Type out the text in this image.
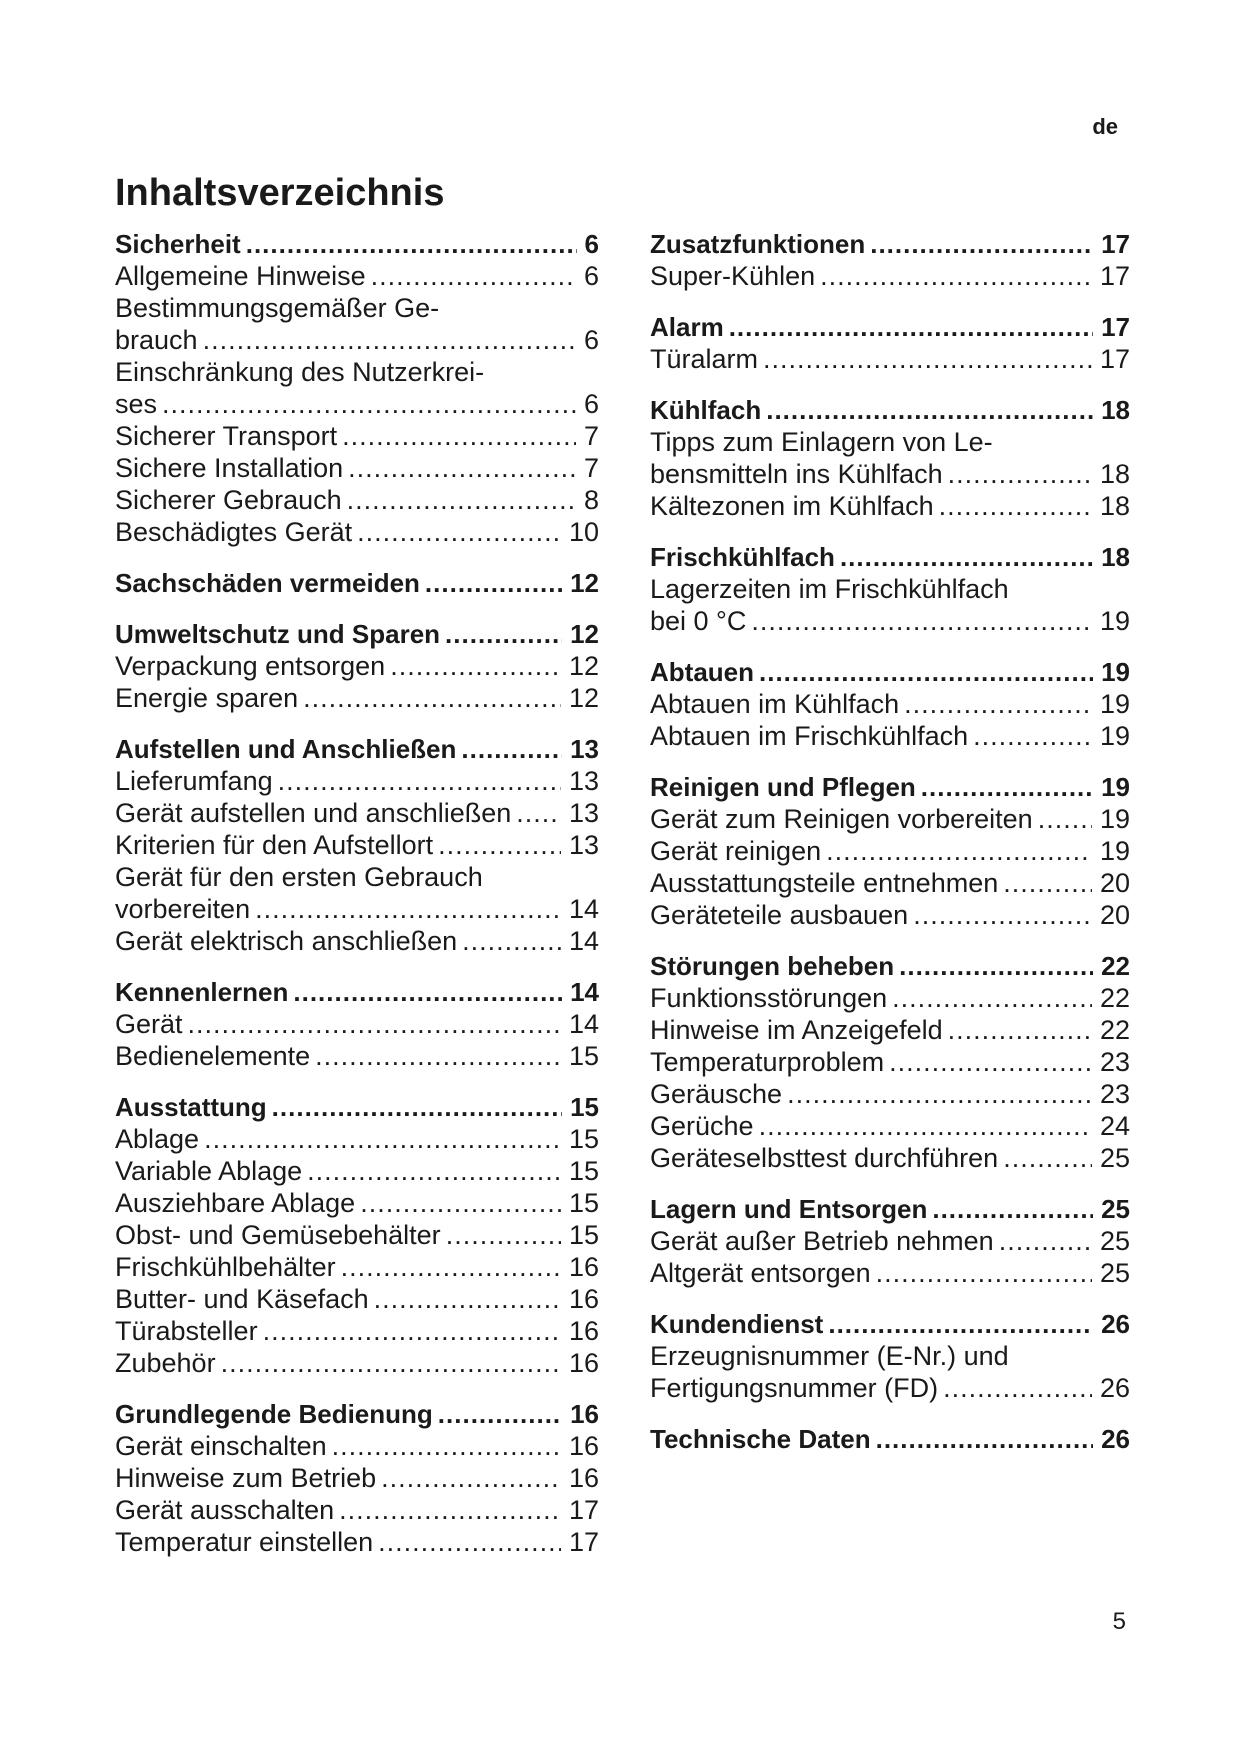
de
Inhaltsverzeichnis
Sicherheit .....	6
Allgemeine Hinweise .....	6
Bestimmungsgemäßer Ge-
brauch .....	6
Einschränkung des Nutzerkrei-
ses .....	6
Sicherer Transport .....	7
Sichere Installation .....	7
Sicherer Gebrauch .....	8
Beschädigtes Gerät .....	10
Sachschäden vermeiden .....	12
Umweltschutz und Sparen .....	12
Verpackung entsorgen .....	12
Energie sparen .....	12
Aufstellen und Anschließen .....	13
Lieferumfang .....	13
Gerät aufstellen und anschließen ..... 13
Kriterien für den Aufstellort .....	13
Gerät für den ersten Gebrauch
vorbereiten .....	14
Gerät elektrisch anschließen .....	14
Kennenlernen .....	14
Gerät .....	14
Bedienelemente .....	15
Ausstattung .....	15
Ablage .....	15
Variable Ablage .....	15
Ausziehbare Ablage .....	15
Obst- und Gemüsebehälter .....	15
Frischkühlbehälter .....	16
Butter- und Käsefach .....	16
Türabsteller .....	16
Zubehör .....	16
Grundlegende Bedienung .....	16
Gerät einschalten .....	16
Hinweise zum Betrieb .....	16
Gerät ausschalten .....	17
Temperatur einstellen .....	17
Zusatzfunktionen .....	17
Super-Kühlen .....	17
Alarm .....	17
Türalarm .....	17
Kühlfach .....	18
Tipps zum Einlagern von Le-
bensmitteln ins Kühlfach .....	18
Kältezonen im Kühlfach .....	18
Frischkühlfach .....	18
Lagerzeiten im Frischkühlfach
bei 0 °C .....	19
Abtauen .....	19
Abtauen im Kühlfach .....	19
Abtauen im Frischkühlfach .....	19
Reinigen und Pflegen .....	19
Gerät zum Reinigen vorbereiten ..... 19
Gerät reinigen .....	19
Ausstattungsteile entnehmen .....	20
Geräteteile ausbauen .....	20
Störungen beheben .....	22
Funktionsstörungen .....	22
Hinweise im Anzeigefeld .....	22
Temperaturproblem .....	23
Geräusche .....	23
Gerüche .....	24
Geräteselbsttest durchführen .....	25
Lagern und Entsorgen .....	25
Gerät außer Betrieb nehmen .....	25
Altgerät entsorgen .....	25
Kundendienst .....	26
Erzeugnisnummer (E-Nr.) und
Fertigungsnummer (FD) .....	26
Technische Daten .....	26
5
